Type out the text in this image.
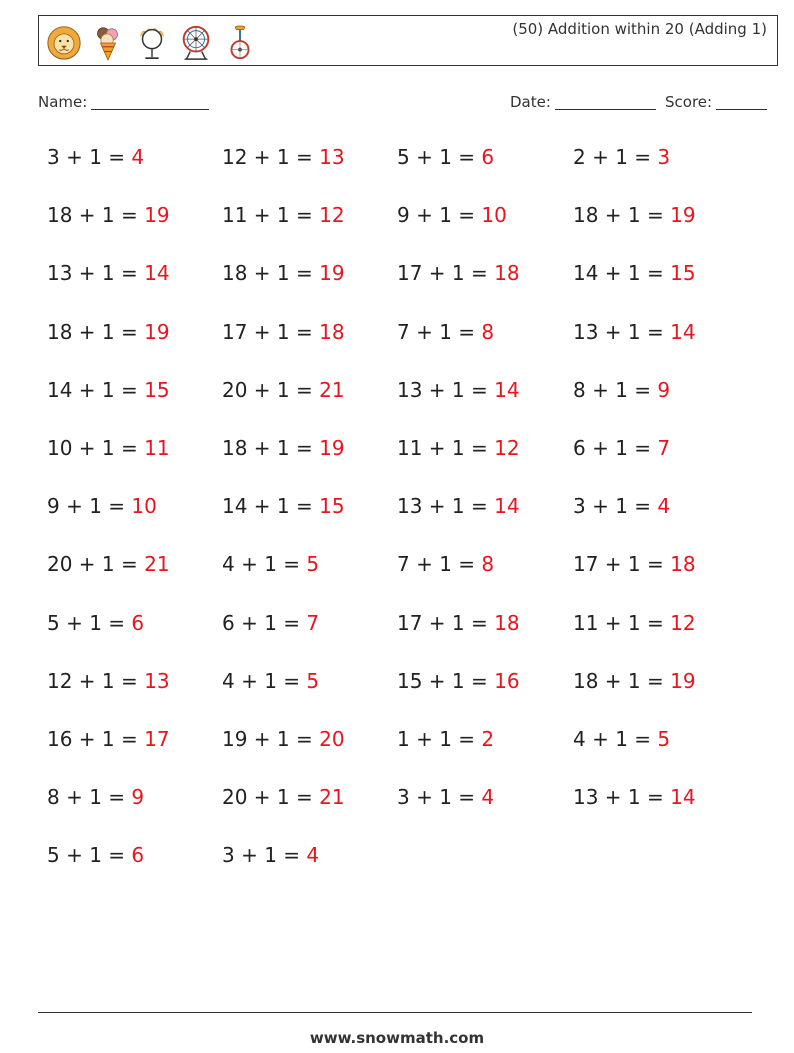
(50) Addition within 20 (Adding 1)
Name:	Date:	Score:
3 + 1 = 4	12 + 1 = 13	5 + 1 = 6	2 + 1 = 3
18 + 1 = 19	11 + 1 = 12	9 + 1 = 10	18 + 1 = 19
13 + 1 = 14	18 + 1 = 19	17 + 1 = 18	14 + 1 = 15
18 + 1 = 19	17 + 1 = 18	7 + 1 = 8	13 + 1 = 14
14 + 1 = 15	20 + 1 = 21	13 + 1 = 14	8 + 1 = 9
10 + 1 = 11	18 + 1 = 19	11 + 1 = 12	6 + 1 = 7
9 + 1 = 10	14 + 1 = 15	13 + 1 = 14	3 + 1 = 4
20 + 1 = 21	4 + 1 = 5	7 + 1 = 8	17 + 1 = 18
5 + 1 = 6	6 + 1 = 7	17 + 1 = 18	11 + 1 = 12
12 + 1 = 13	4 + 1 = 5	15 + 1 = 16	18 + 1 = 19
16 + 1 = 17	19 + 1 = 20	1 + 1 = 2	4 + 1 = 5
8 + 1 = 9	20 + 1 = 21	3 + 1 = 4	13 + 1 = 14
5 + 1 = 6	3 + 1 = 4
www.snowmath.com
